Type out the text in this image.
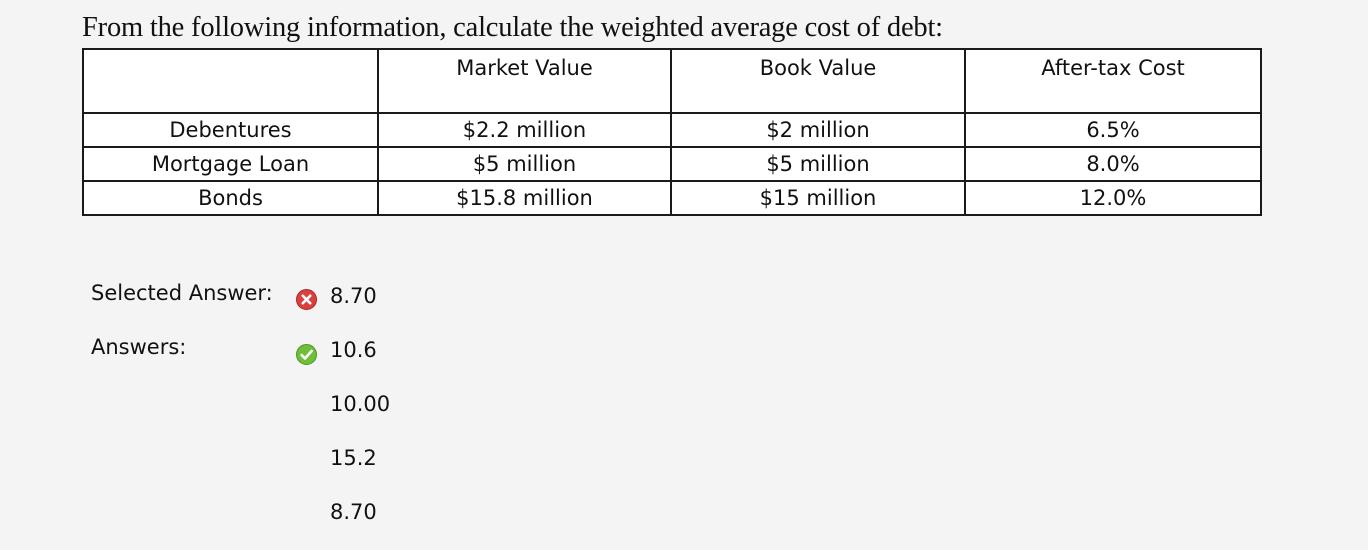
From the following information, calculate the weighted average cost of debt:
	Market Value	Book Value	After-tax Cost
Debentures	$2.2 million	$2 million	6.5%
Mortgage Loan	$5 million	$5 million	8.0%
Bonds	$15.8 million	$15 million	12.0%
Selected Answer:	8.70
Answers:	10.6
10.00
15.2
8.70
